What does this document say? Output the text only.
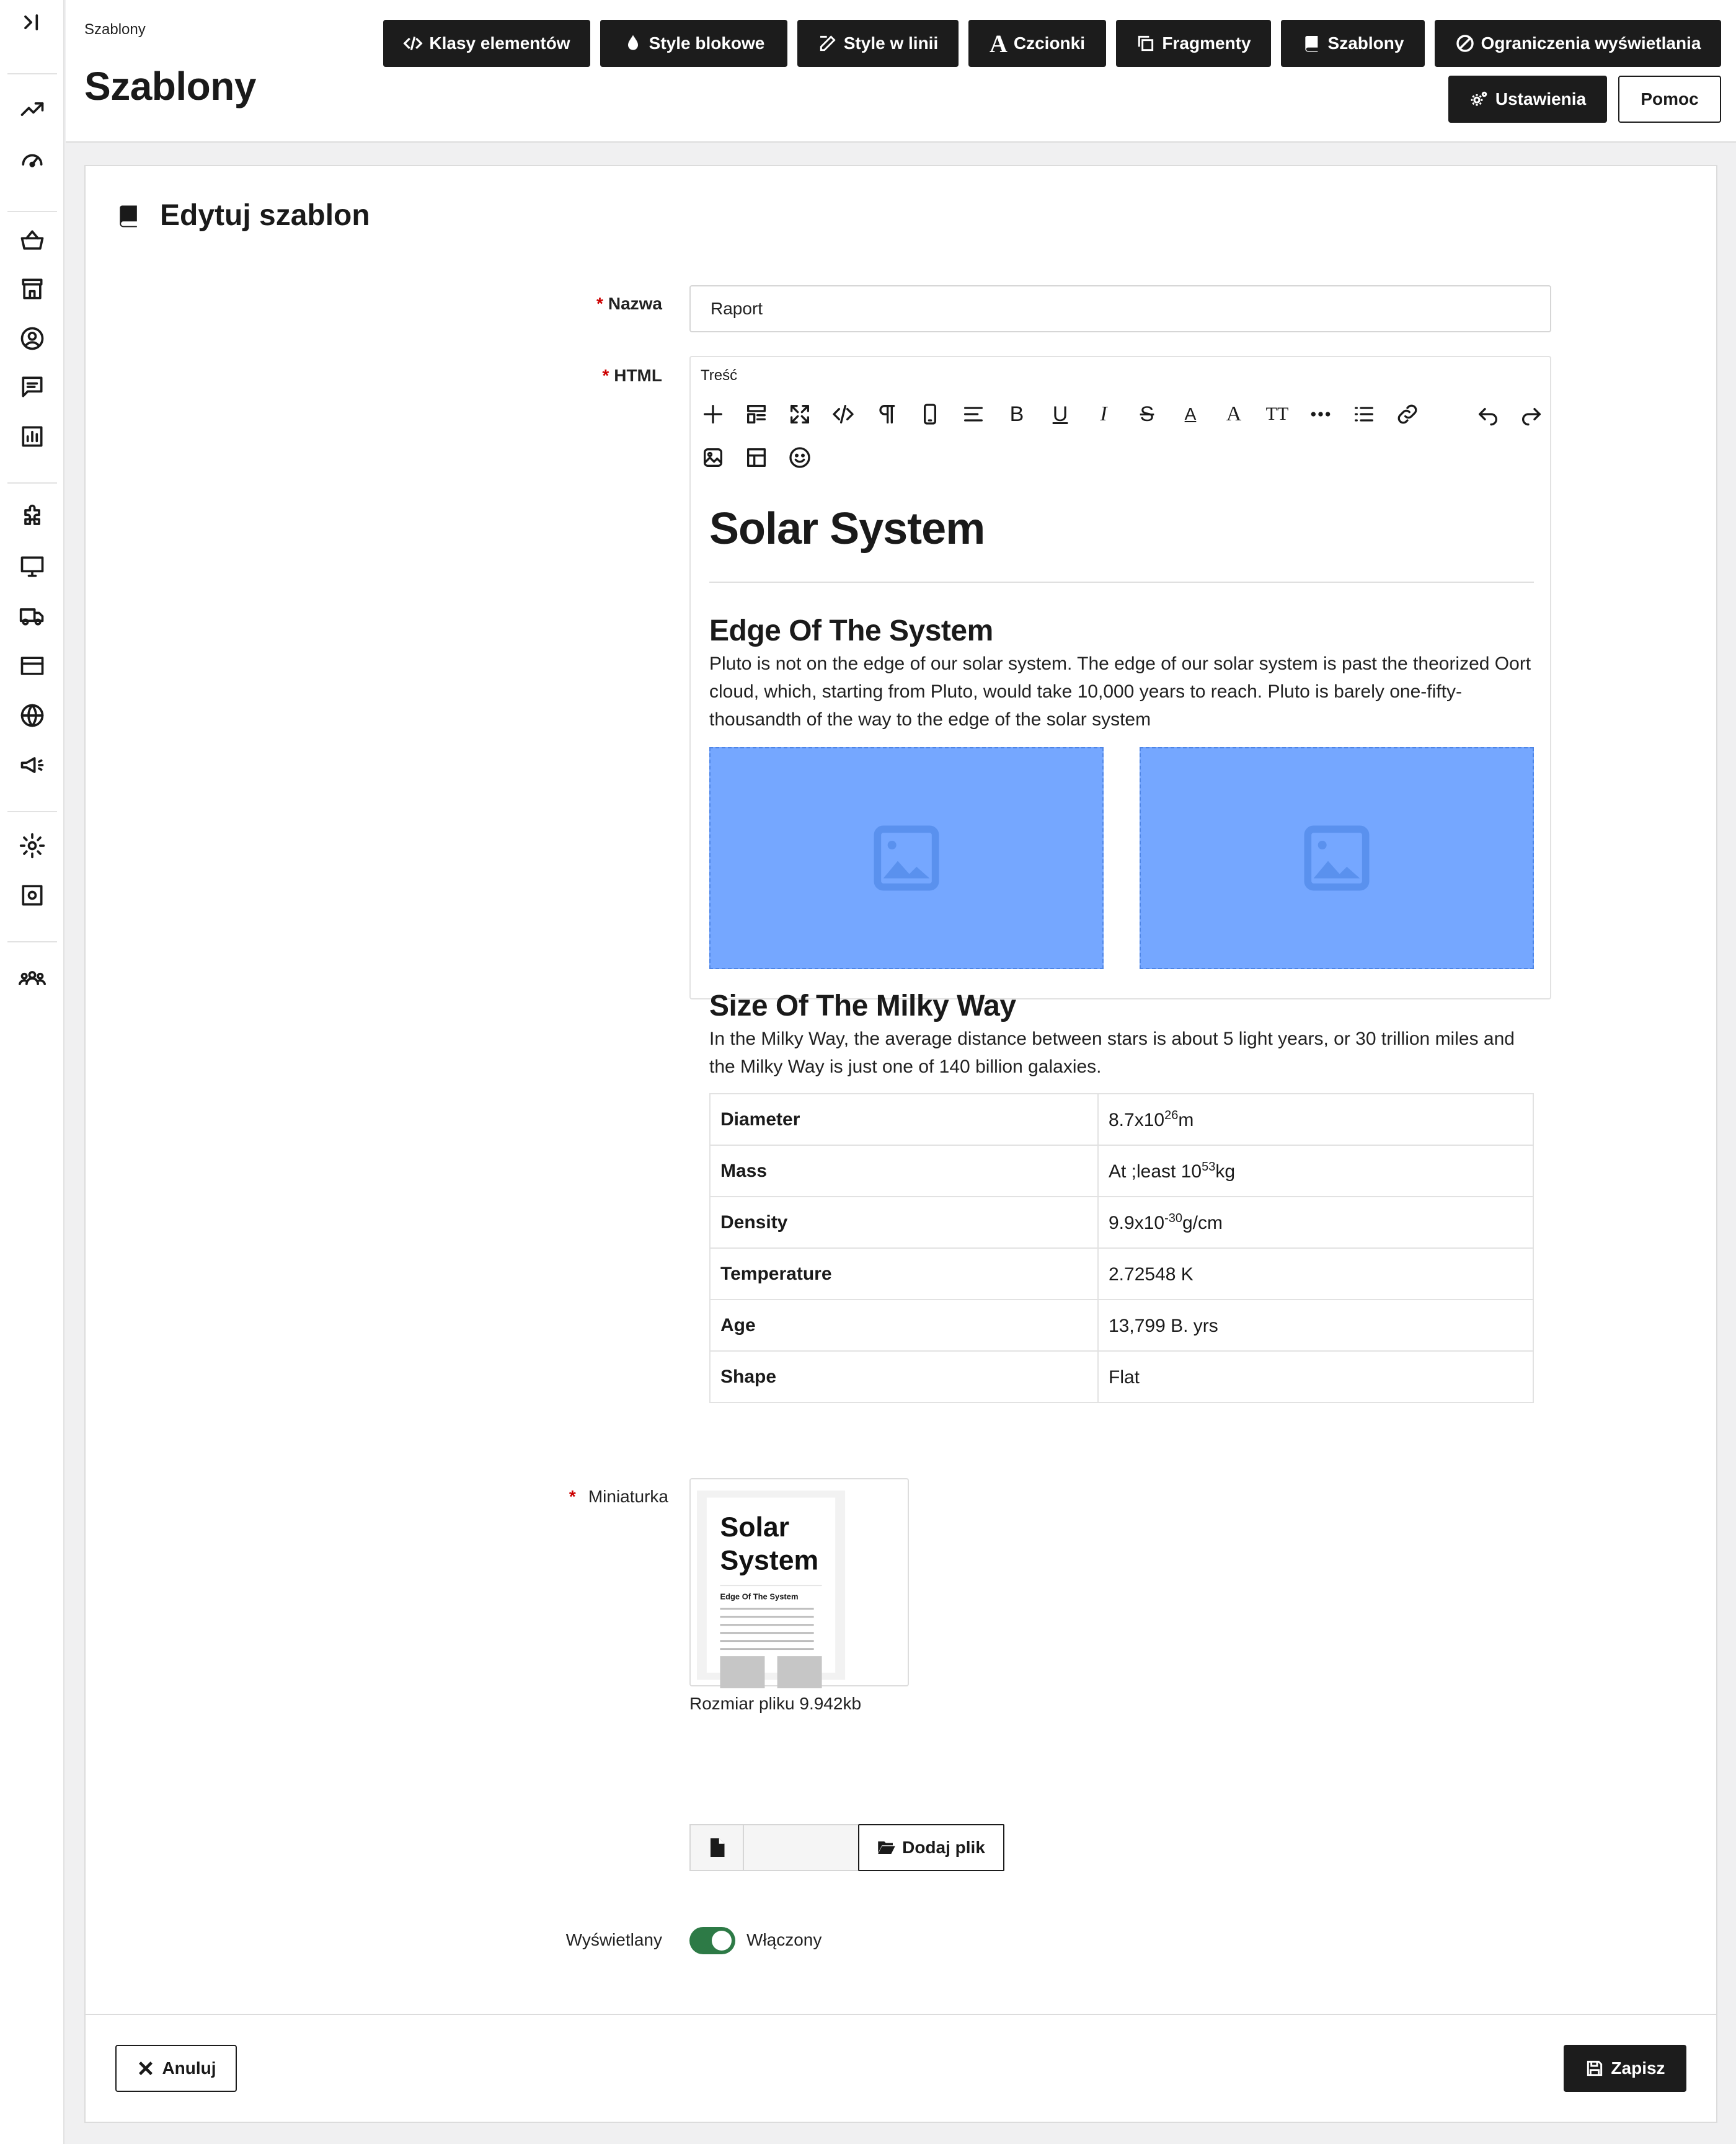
Szablony
Szablony
Klasy elementów	Style blokowe	Style w linii A Czcionki	Fragmenty	Szablony	Ograniczenia wyświetlania
Ustawienia	Pomoc
Edytuj szablon
* Nazwa	Raport
* HTML	Treść
B U I S A A TT
Solar System
Edge Of The System
Pluto is not on the edge of our solar system. The edge of our solar system is past the theorized Oort cloud, which, starting from Pluto, would take 10,000 years to reach. Pluto is barely one-fifty-thousandth of the way to the edge of the solar system
Size Of The Milky Way
In the Milky Way, the average distance between stars is about 5 light years, or 30 trillion miles and the Milky Way is just one of 140 billion galaxies.
Diameter	$8.7x10^{26}m$
Mass	At ;least $10^{53}kg$
Density	$9.9x10^{-30}g/cm$
Temperature	2.72548 K
Age	13,799 B. yrs
Shape	Flat
* Miniaturka
Solar System
Edge Of The System
Rozmiar pliku 9.942kb
Dodaj plik
Wyświetlany	Włączony
Anuluj	Zapisz
